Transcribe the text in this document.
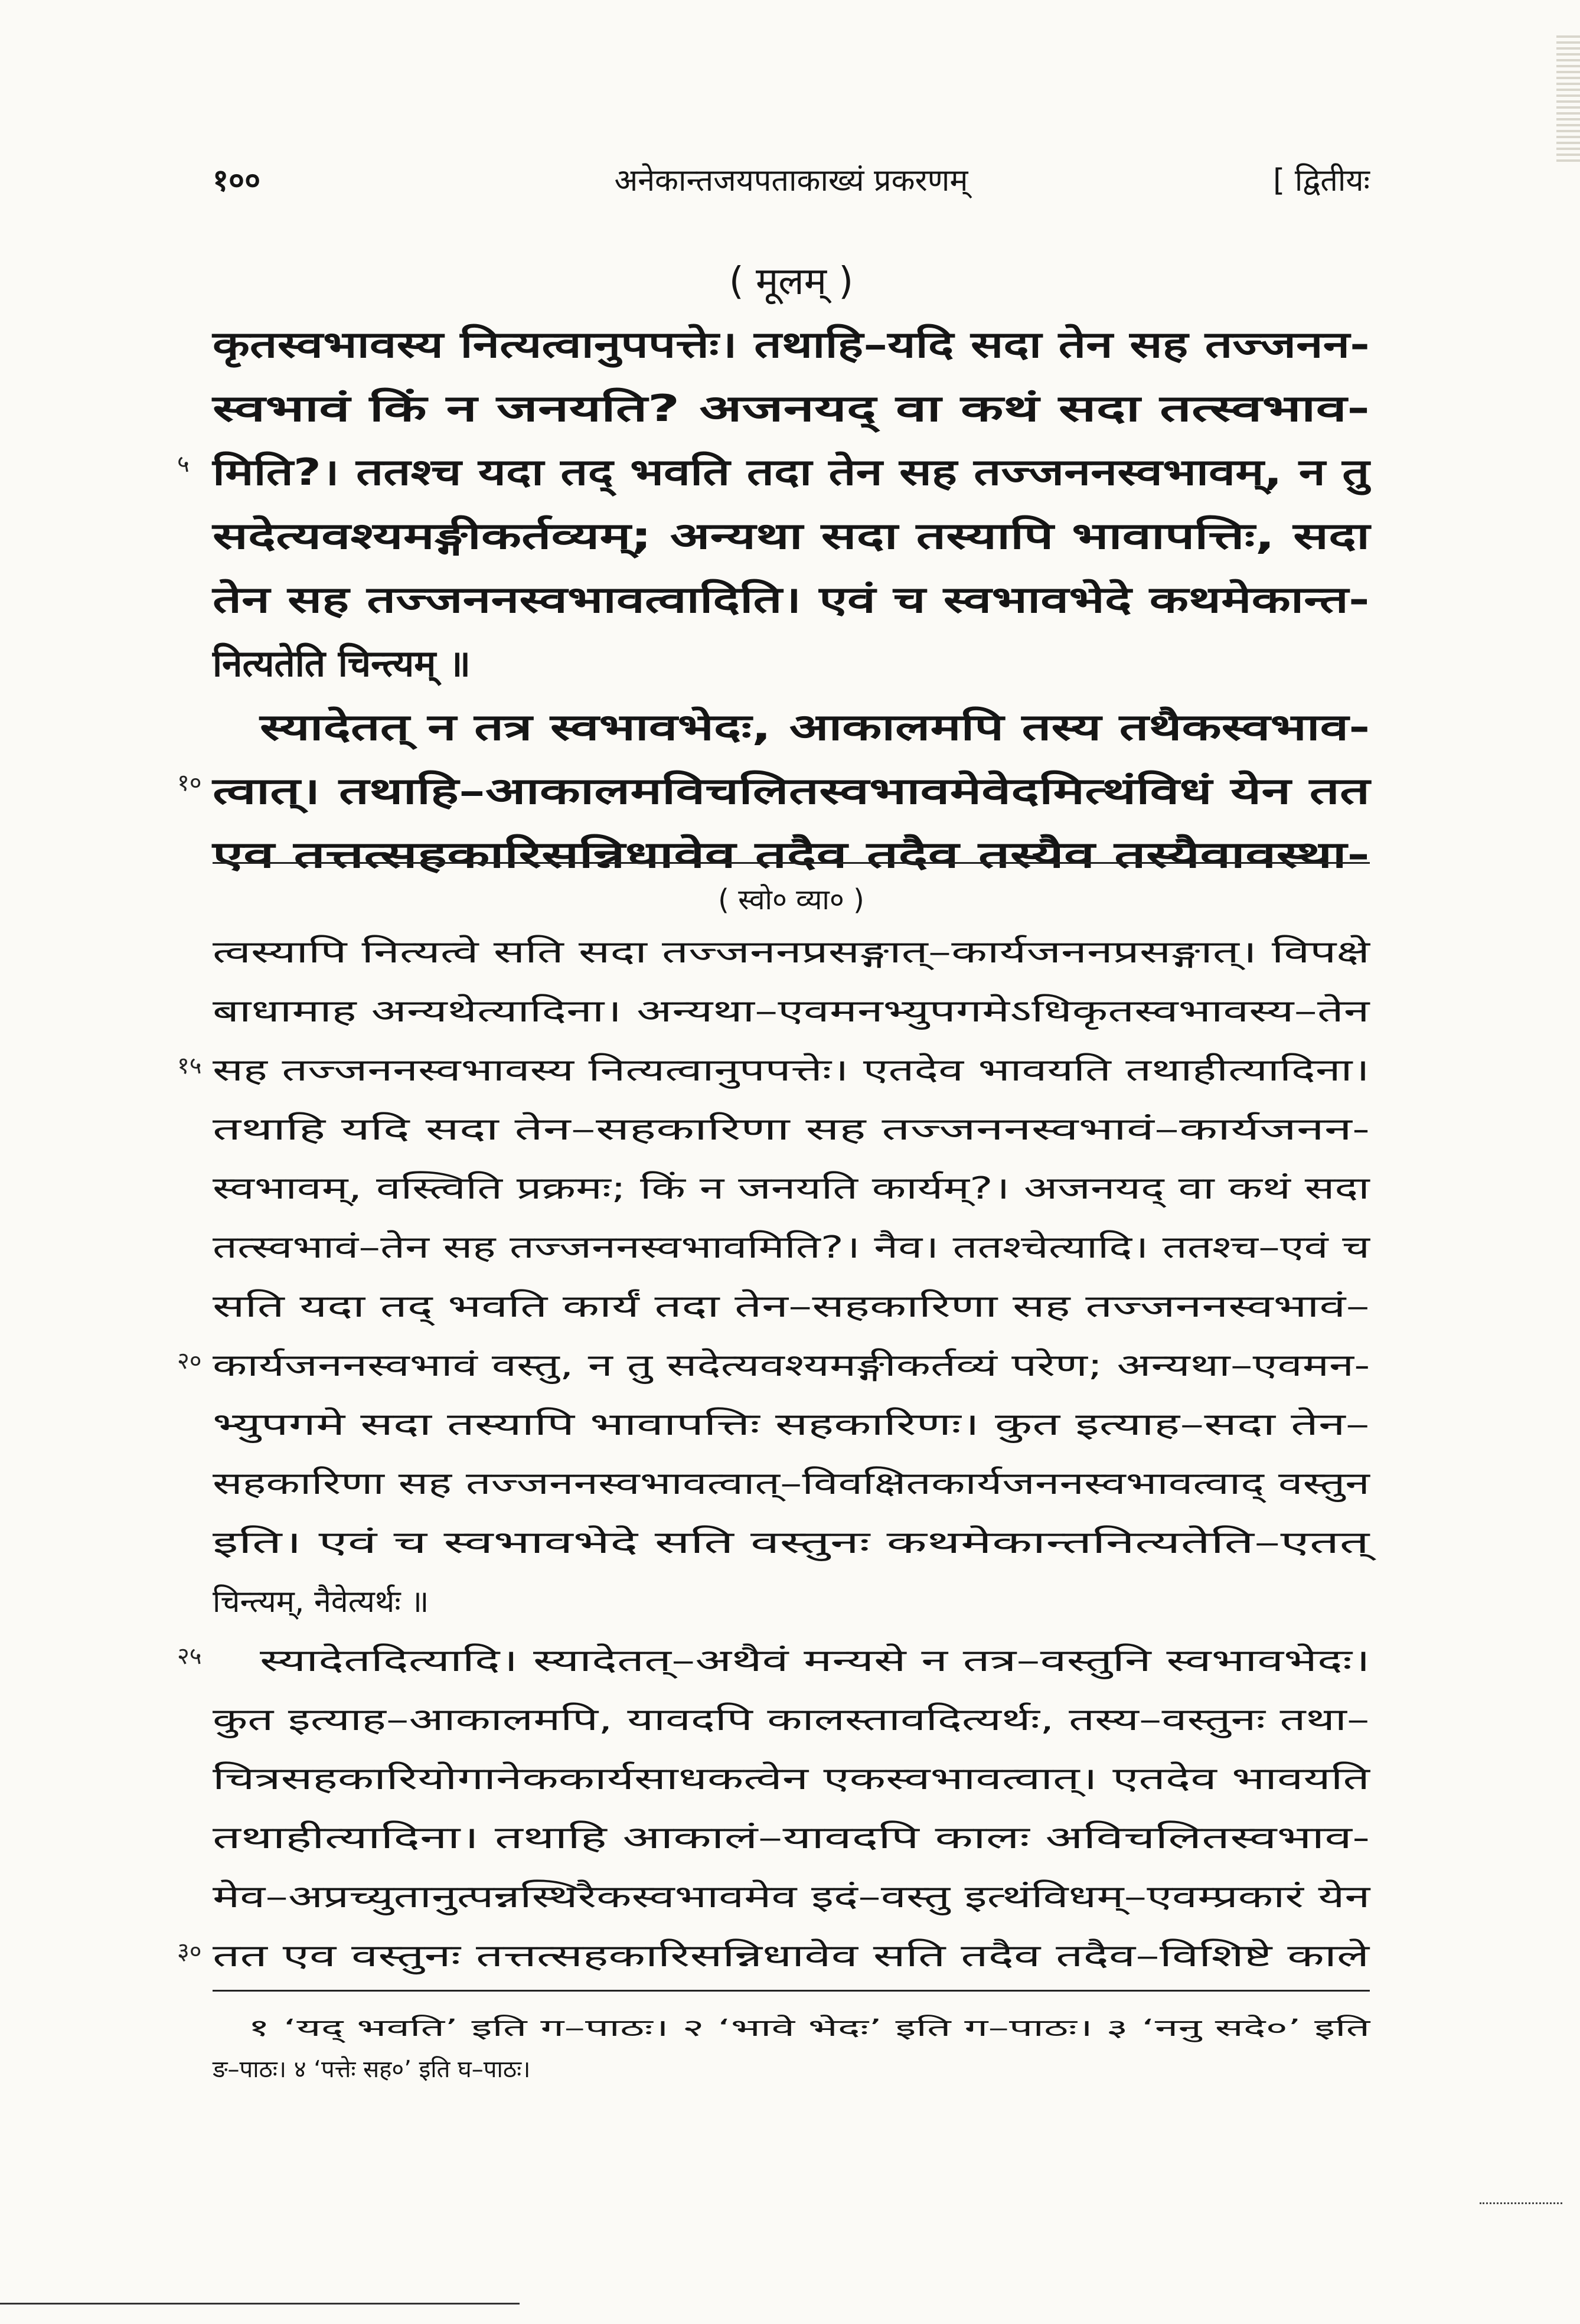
१००	अनेकान्तजयपताकाख्यं प्रकरणम्	[ द्वितीयः
( मूलम् )
कृतस्वभावस्य नित्यत्वानुपपत्तेः। तथाहि–यदि सदा तेन सह तज्जनन-
स्वभावं किं न जनयति? अजनयद् वा कथं सदा तत्स्वभाव-
५ मिति?। ततश्च यदा तद् भवति तदा तेन सह तज्जननस्वभावम्, न तु
सदेत्यवश्यमङ्गीकर्तव्यम्; अन्यथा सदा तस्यापि भावापत्तिः, सदा
तेन सह तज्जननस्वभावत्वादिति। एवं च स्वभावभेदे कथमेकान्त-
नित्यतेति चिन्त्यम् ॥
स्यादेतत् न तत्र स्वभावभेदः, आकालमपि तस्य तथैकस्वभाव-
१० त्वात्। तथाहि–आकालमविचलितस्वभावमेवेदमित्थंविधं येन तत
एव तत्तत्सहकारिसन्निधावेव तदैव तदैव तस्यैव तस्यैवावस्था-
( स्वो० व्या० )
त्वस्यापि नित्यत्वे सति सदा तज्जननप्रसङ्गात्–कार्यजननप्रसङ्गात्। विपक्षे
बाधामाह अन्यथेत्यादिना। अन्यथा–एवमनभ्युपगमेऽधिकृतस्वभावस्य–तेन
१५ सह तज्जननस्वभावस्य नित्यत्वानुपपत्तेः। एतदेव भावयति तथाहीत्यादिना।
तथाहि यदि सदा तेन–सहकारिणा सह तज्जननस्वभावं–कार्यजनन-
स्वभावम्, वस्त्विति प्रक्रमः; किं न जनयति कार्यम्?। अजनयद् वा कथं सदा
तत्स्वभावं–तेन सह तज्जननस्वभावमिति?। नैव। ततश्चेत्यादि। ततश्च–एवं च
सति यदा तद् भवति कार्यं तदा तेन–सहकारिणा सह तज्जननस्वभावं–
२० कार्यजननस्वभावं वस्तु, न तु सदेत्यवश्यमङ्गीकर्तव्यं परेण; अन्यथा–एवमन-
भ्युपगमे सदा तस्यापि भावापत्तिः सहकारिणः। कुत इत्याह–सदा तेन–
सहकारिणा सह तज्जननस्वभावत्वात्–विवक्षितकार्यजननस्वभावत्वाद् वस्तुन
इति। एवं च स्वभावभेदे सति वस्तुनः कथमेकान्तनित्यतेति–एतत्
चिन्त्यम्, नैवेत्यर्थः ॥
२५ स्यादेतदित्यादि। स्यादेतत्–अथैवं मन्यसे न तत्र–वस्तुनि स्वभावभेदः।
कुत इत्याह–आकालमपि, यावदपि कालस्तावदित्यर्थः, तस्य–वस्तुनः तथा–
चित्रसहकारियोगानेककार्यसाधकत्वेन एकस्वभावत्वात्। एतदेव भावयति
तथाहीत्यादिना। तथाहि आकालं–यावदपि कालः अविचलितस्वभाव-
मेव–अप्रच्युतानुत्पन्नस्थिरैकस्वभावमेव इदं–वस्तु इत्थंविधम्–एवम्प्रकारं येन
३० तत एव वस्तुनः तत्तत्सहकारिसन्निधावेव सति तदैव तदैव–विशिष्टे काले
१ ‘यद् भवति’ इति ग–पाठः। २ ‘भावे भेदः’ इति ग–पाठः। ३ ‘ननु सदे०’ इति
ङ–पाठः। ४ ‘पत्तेः सह०’ इति घ–पाठः।
